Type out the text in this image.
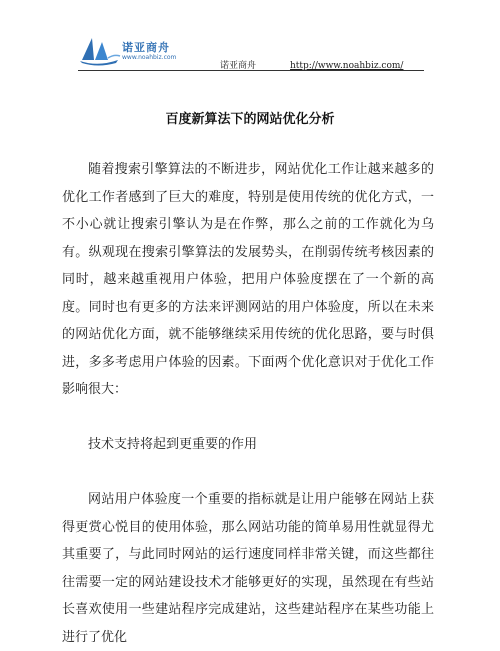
诺亚商舟
www.noahbiz.com
诺亚商舟	http://www.noahbiz.com/
百度新算法下的网站优化分析

随着搜索引擎算法的不断进步，网站优化工作让越来越多的优化工作者感到了巨大的难度，特别是使用传统的优化方式，一不小心就让搜索引擎认为是在作弊，那么之前的工作就化为乌有。纵观现在搜索引擎算法的发展势头，在削弱传统考核因素的同时，越来越重视用户体验，把用户体验度摆在了一个新的高度。同时也有更多的方法来评测网站的用户体验度，所以在未来的网站优化方面，就不能够继续采用传统的优化思路，要与时俱进，多多考虑用户体验的因素。下面两个优化意识对于优化工作影响很大：

技术支持将起到更重要的作用

网站用户体验度一个重要的指标就是让用户能够在网站上获得更赏心悦目的使用体验，那么网站功能的简单易用性就显得尤其重要了，与此同时网站的运行速度同样非常关键，而这些都往往需要一定的网站建设技术才能够更好的实现，虽然现在有些站长喜欢使用一些建站程序完成建站，这些建站程序在某些功能上进行了优化
